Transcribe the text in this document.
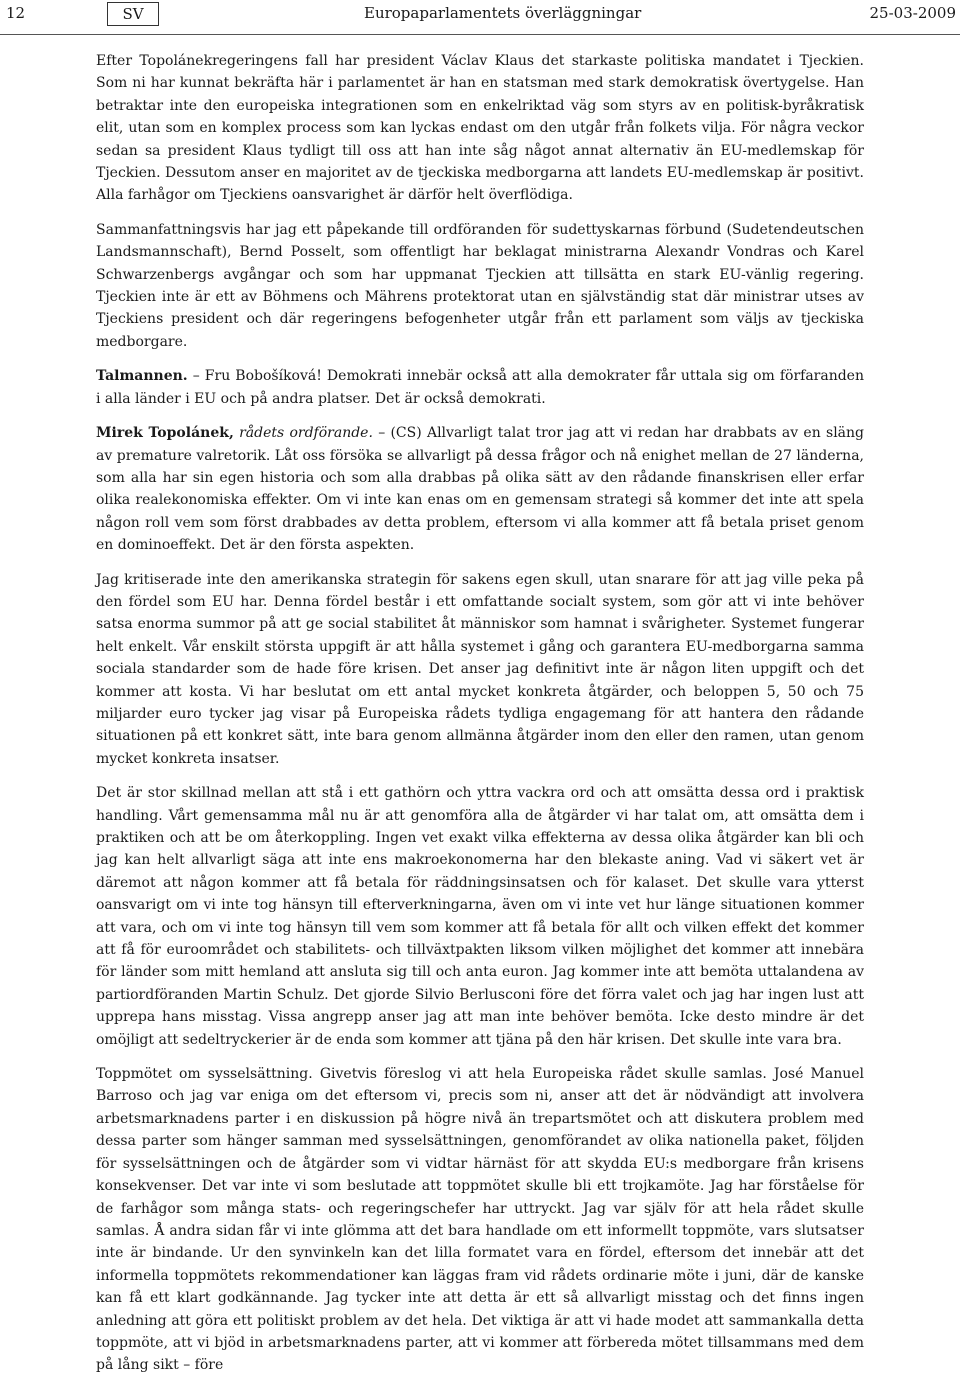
12	SV	Europaparlamentets överläggningar	25-03-2009

Efter Topolánekregeringens fall har president Václav Klaus det starkaste politiska mandatet i Tjeckien. Som ni har kunnat bekräfta här i parlamentet är han en statsman med stark demokratisk övertygelse. Han betraktar inte den europeiska integrationen som en enkelriktad väg som styrs av en politisk-byråkratisk elit, utan som en komplex process som kan lyckas endast om den utgår från folkets vilja. För några veckor sedan sa president Klaus tydligt till oss att han inte såg något annat alternativ än EU-medlemskap för Tjeckien. Dessutom anser en majoritet av de tjeckiska medborgarna att landets EU-medlemskap är positivt. Alla farhågor om Tjeckiens oansvarighet är därför helt överflödiga.

Sammanfattningsvis har jag ett påpekande till ordföranden för sudettyskarnas förbund (Sudetendeutschen Landsmannschaft), Bernd Posselt, som offentligt har beklagat ministrarna Alexandr Vondras och Karel Schwarzenbergs avgångar och som har uppmanat Tjeckien att tillsätta en stark EU-vänlig regering. Tjeckien inte är ett av Böhmens och Mährens protektorat utan en självständig stat där ministrar utses av Tjeckiens president och där regeringens befogenheter utgår från ett parlament som väljs av tjeckiska medborgare.

Talmannen. – Fru Bobošíková! Demokrati innebär också att alla demokrater får uttala sig om förfaranden i alla länder i EU och på andra platser. Det är också demokrati.

Mirek Topolánek, rådets ordförande. – (CS) Allvarligt talat tror jag att vi redan har drabbats av en släng av premature valretorik. Låt oss försöka se allvarligt på dessa frågor och nå enighet mellan de 27 länderna, som alla har sin egen historia och som alla drabbas på olika sätt av den rådande finanskrisen eller erfar olika realekonomiska effekter. Om vi inte kan enas om en gemensam strategi så kommer det inte att spela någon roll vem som först drabbades av detta problem, eftersom vi alla kommer att få betala priset genom en dominoeffekt. Det är den första aspekten.

Jag kritiserade inte den amerikanska strategin för sakens egen skull, utan snarare för att jag ville peka på den fördel som EU har. Denna fördel består i ett omfattande socialt system, som gör att vi inte behöver satsa enorma summor på att ge social stabilitet åt människor som hamnat i svårigheter. Systemet fungerar helt enkelt. Vår enskilt största uppgift är att hålla systemet i gång och garantera EU-medborgarna samma sociala standarder som de hade före krisen. Det anser jag definitivt inte är någon liten uppgift och det kommer att kosta. Vi har beslutat om ett antal mycket konkreta åtgärder, och beloppen 5, 50 och 75 miljarder euro tycker jag visar på Europeiska rådets tydliga engagemang för att hantera den rådande situationen på ett konkret sätt, inte bara genom allmänna åtgärder inom den eller den ramen, utan genom mycket konkreta insatser.

Det är stor skillnad mellan att stå i ett gathörn och yttra vackra ord och att omsätta dessa ord i praktisk handling. Vårt gemensamma mål nu är att genomföra alla de åtgärder vi har talat om, att omsätta dem i praktiken och att be om återkoppling. Ingen vet exakt vilka effekterna av dessa olika åtgärder kan bli och jag kan helt allvarligt säga att inte ens makroekonomerna har den blekaste aning. Vad vi säkert vet är däremot att någon kommer att få betala för räddningsinsatsen och för kalaset. Det skulle vara ytterst oansvarigt om vi inte tog hänsyn till efterverkningarna, även om vi inte vet hur länge situationen kommer att vara, och om vi inte tog hänsyn till vem som kommer att få betala för allt och vilken effekt det kommer att få för euroområdet och stabilitets- och tillväxtpakten liksom vilken möjlighet det kommer att innebära för länder som mitt hemland att ansluta sig till och anta euron. Jag kommer inte att bemöta uttalandena av partiordföranden Martin Schulz. Det gjorde Silvio Berlusconi före det förra valet och jag har ingen lust att upprepa hans misstag. Vissa angrepp anser jag att man inte behöver bemöta. Icke desto mindre är det omöjligt att sedeltryckerier är de enda som kommer att tjäna på den här krisen. Det skulle inte vara bra.

Toppmötet om sysselsättning. Givetvis föreslog vi att hela Europeiska rådet skulle samlas. José Manuel Barroso och jag var eniga om det eftersom vi, precis som ni, anser att det är nödvändigt att involvera arbetsmarknadens parter i en diskussion på högre nivå än trepartsmötet och att diskutera problem med dessa parter som hänger samman med sysselsättningen, genomförandet av olika nationella paket, följden för sysselsättningen och de åtgärder som vi vidtar härnäst för att skydda EU:s medborgare från krisens konsekvenser. Det var inte vi som beslutade att toppmötet skulle bli ett trojkamöte. Jag har förståelse för de farhågor som många stats- och regeringschefer har uttryckt. Jag var själv för att hela rådet skulle samlas. Å andra sidan får vi inte glömma att det bara handlade om ett informellt toppmöte, vars slutsatser inte är bindande. Ur den synvinkeln kan det lilla formatet vara en fördel, eftersom det innebär att det informella toppmötets rekommendationer kan läggas fram vid rådets ordinarie möte i juni, där de kanske kan få ett klart godkännande. Jag tycker inte att detta är ett så allvarligt misstag och det finns ingen anledning att göra ett politiskt problem av det hela. Det viktiga är att vi hade modet att sammankalla detta toppmöte, att vi bjöd in arbetsmarknadens parter, att vi kommer att förbereda mötet tillsammans med dem på lång sikt – före
